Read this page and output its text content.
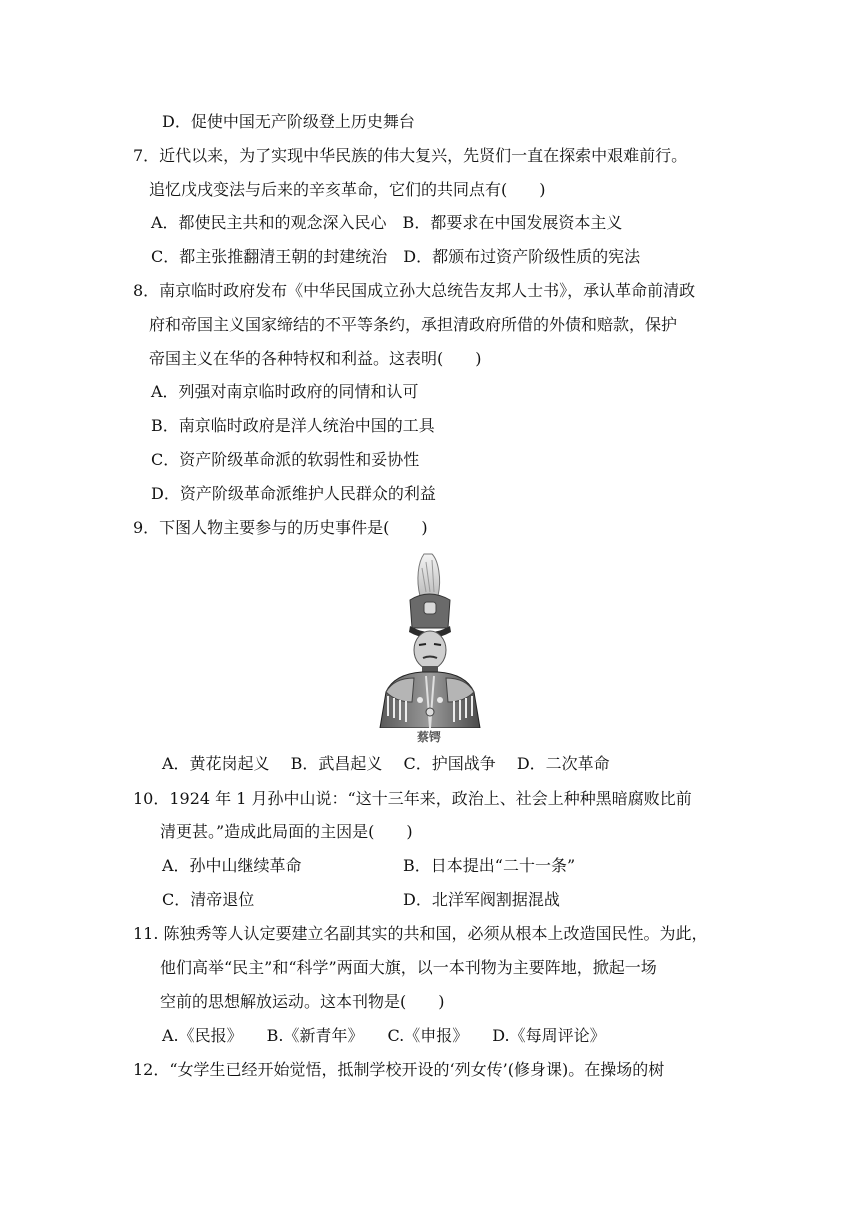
D．促使中国无产阶级登上历史舞台
7．近代以来，为了实现中华民族的伟大复兴，先贤们一直在探索中艰难前行。
追忆戊戌变法与后来的辛亥革命，它们的共同点有(　　)
A．都使民主共和的观念深入民心　B．都要求在中国发展资本主义
C．都主张推翻清王朝的封建统治　D．都颁布过资产阶级性质的宪法
8．南京临时政府发布《中华民国成立孙大总统告友邦人士书》，承认革命前清政
府和帝国主义国家缔结的不平等条约，承担清政府所借的外债和赔款，保护
帝国主义在华的各种特权和利益。这表明(　　)
A．列强对南京临时政府的同情和认可
B．南京临时政府是洋人统治中国的工具
C．资产阶级革命派的软弱性和妥协性
D．资产阶级革命派维护人民群众的利益
9．下图人物主要参与的历史事件是(　　)
蔡锷
A．黄花岗起义　 B．武昌起义　 C．护国战争　 D．二次革命
10．1924 年 1 月孙中山说：“这十三年来，政治上、社会上种种黑暗腐败比前
清更甚。”造成此局面的主因是(　　)
A．孙中山继续革命	B．日本提出“二十一条”
C．清帝退位	D．北洋军阀割据混战
11. 陈独秀等人认定要建立名副其实的共和国，必须从根本上改造国民性。为此，
他们高举“民主”和“科学”两面大旗，以一本刊物为主要阵地，掀起一场
空前的思想解放运动。这本刊物是(　　)
A.《民报》　　B.《新青年》　　C.《申报》　　D.《每周评论》
12．“女学生已经开始觉悟，抵制学校开设的‘列女传’(修身课)。在操场的树
